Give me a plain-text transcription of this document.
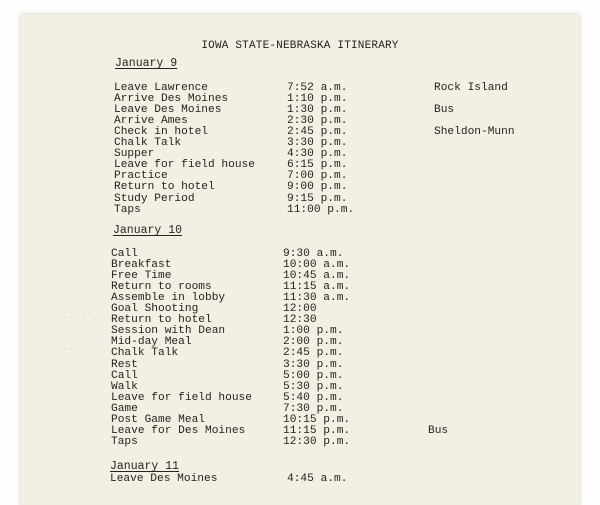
IOWA STATE-NEBRASKA ITINERARY
January 9
Leave Lawrence	7:52 a.m.	Rock Island
Arrive Des Moines	1:10 p.m.
Leave Des Moines	1:30 p.m.	Bus
Arrive Ames	2:30 p.m.
Check in hotel	2:45 p.m.	Sheldon-Munn
Chalk Talk	3:30 p.m.
Supper	4:30 p.m.
Leave for field house	6:15 p.m.
Practice	7:00 p.m.
Return to hotel	9:00 p.m.
Study Period	9:15 p.m.
Taps	11:00 p.m.
January 10
Call	9:30 a.m.
Breakfast	10:00 a.m.
Free Time	10:45 a.m.
Return to rooms	11:15 a.m.
Assemble in lobby	11:30 a.m.
Goal Shooting	12:00
Return to hotel	12:30
Session with Dean	1:00 p.m.
Mid-day Meal	2:00 p.m.
Chalk Talk	2:45 p.m.
Rest	3:30 p.m.
Call	5:00 p.m.
Walk	5:30 p.m.
Leave for field house	5:40 p.m.
Game	7:30 p.m.
Post Game Meal	10:15 p.m.
Leave for Des Moines	11:15 p.m.	Bus
Taps	12:30 p.m.
January 11
Leave Des Moines	4:45 a.m.
·· ··
·· ·
· ··
